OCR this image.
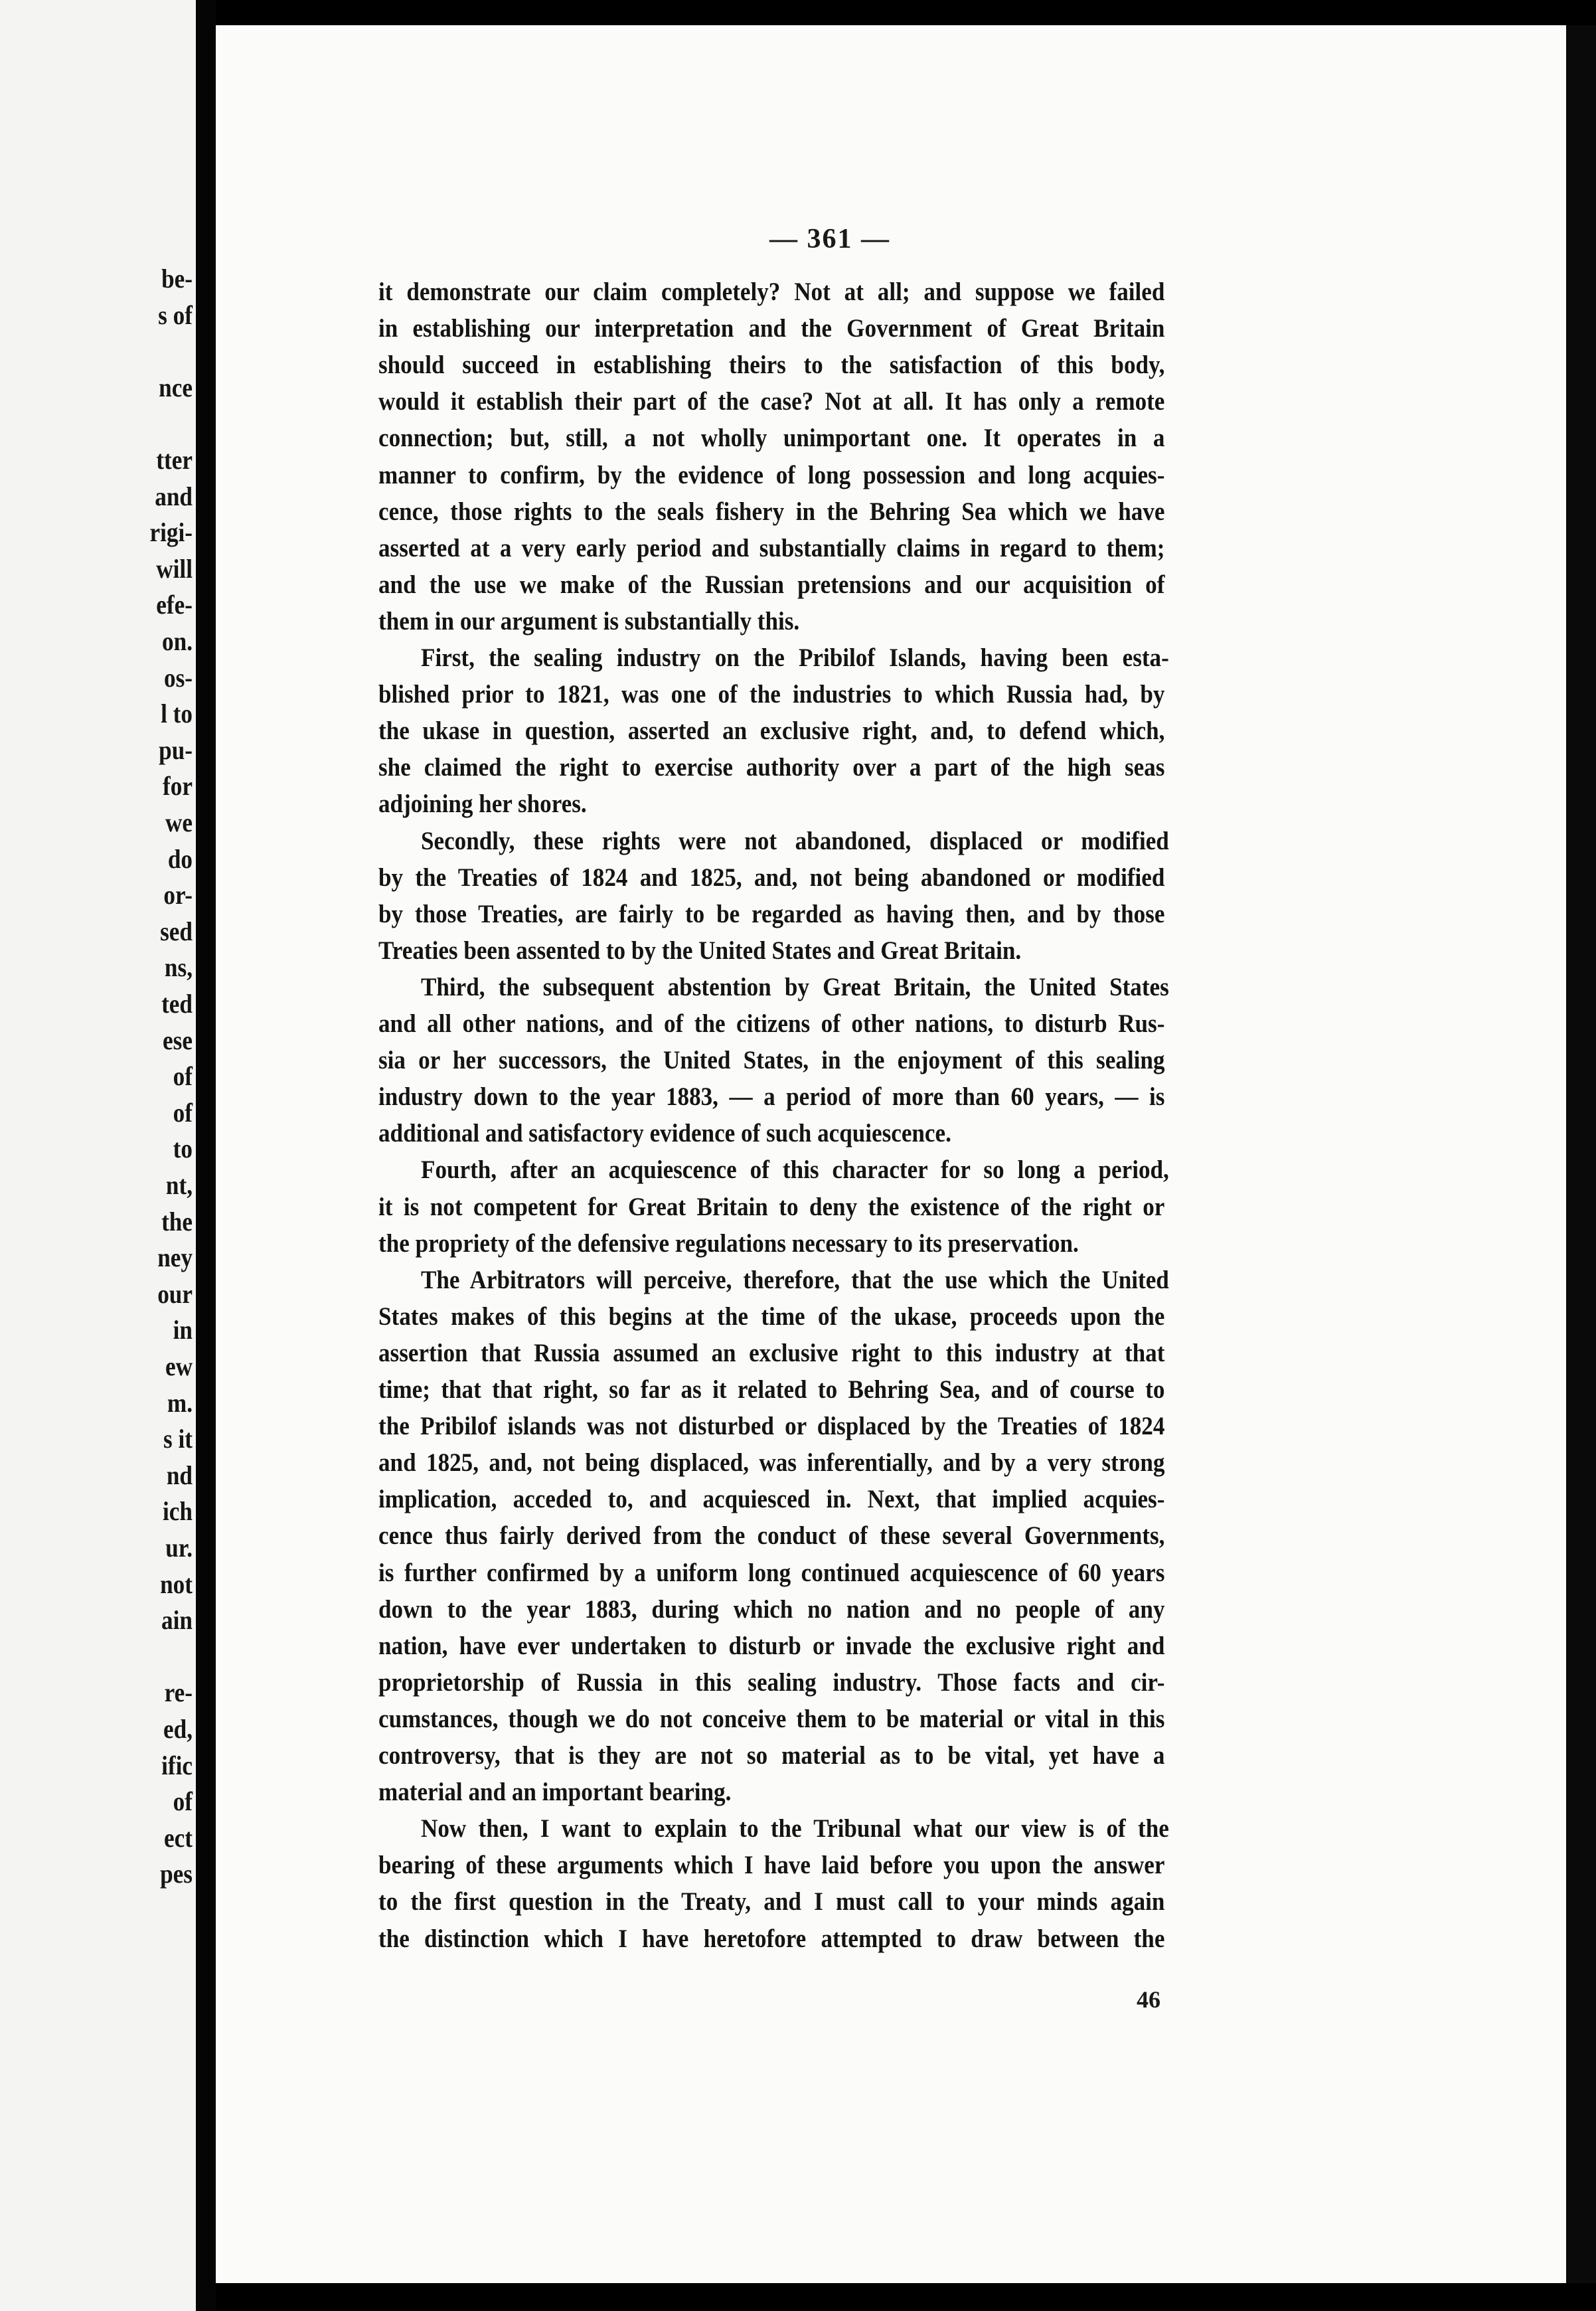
be-
s of
nce
tter
and
rigi-
will
efe-
on.
os-
l to
pu-
for
we
do
or-
sed
ns,
ted
ese
of
of
to
nt,
the
ney
our
in
ew
m.
s it
nd
ich
ur.
not
ain
re-
ed,
ific
of
ect
pes
— 361 —
it demonstrate our claim completely? Not at all; and suppose we failed
in establishing our interpretation and the Government of Great Britain
should succeed in establishing theirs to the satisfaction of this body,
would it establish their part of the case? Not at all. It has only a remote
connection; but, still, a not wholly unimportant one. It operates in a
manner to confirm, by the evidence of long possession and long acquies-
cence, those rights to the seals fishery in the Behring Sea which we have
asserted at a very early period and substantially claims in regard to them;
and the use we make of the Russian pretensions and our acquisition of
them in our argument is substantially this.
First, the sealing industry on the Pribilof Islands, having been esta-
blished prior to 1821, was one of the industries to which Russia had, by
the ukase in question, asserted an exclusive right, and, to defend which,
she claimed the right to exercise authority over a part of the high seas
adjoining her shores.
Secondly, these rights were not abandoned, displaced or modified
by the Treaties of 1824 and 1825, and, not being abandoned or modified
by those Treaties, are fairly to be regarded as having then, and by those
Treaties been assented to by the United States and Great Britain.
Third, the subsequent abstention by Great Britain, the United States
and all other nations, and of the citizens of other nations, to disturb Rus-
sia or her successors, the United States, in the enjoyment of this sealing
industry down to the year 1883, — a period of more than 60 years, — is
additional and satisfactory evidence of such acquiescence.
Fourth, after an acquiescence of this character for so long a period,
it is not competent for Great Britain to deny the existence of the right or
the propriety of the defensive regulations necessary to its preservation.
The Arbitrators will perceive, therefore, that the use which the United
States makes of this begins at the time of the ukase, proceeds upon the
assertion that Russia assumed an exclusive right to this industry at that
time; that that right, so far as it related to Behring Sea, and of course to
the Pribilof islands was not disturbed or displaced by the Treaties of 1824
and 1825, and, not being displaced, was inferentially, and by a very strong
implication, acceded to, and acquiesced in. Next, that implied acquies-
cence thus fairly derived from the conduct of these several Governments,
is further confirmed by a uniform long continued acquiescence of 60 years
down to the year 1883, during which no nation and no people of any
nation, have ever undertaken to disturb or invade the exclusive right and
proprietorship of Russia in this sealing industry. Those facts and cir-
cumstances, though we do not conceive them to be material or vital in this
controversy, that is they are not so material as to be vital, yet have a
material and an important bearing.
Now then, I want to explain to the Tribunal what our view is of the
bearing of these arguments which I have laid before you upon the answer
to the first question in the Treaty, and I must call to your minds again
the distinction which I have heretofore attempted to draw between the
46
